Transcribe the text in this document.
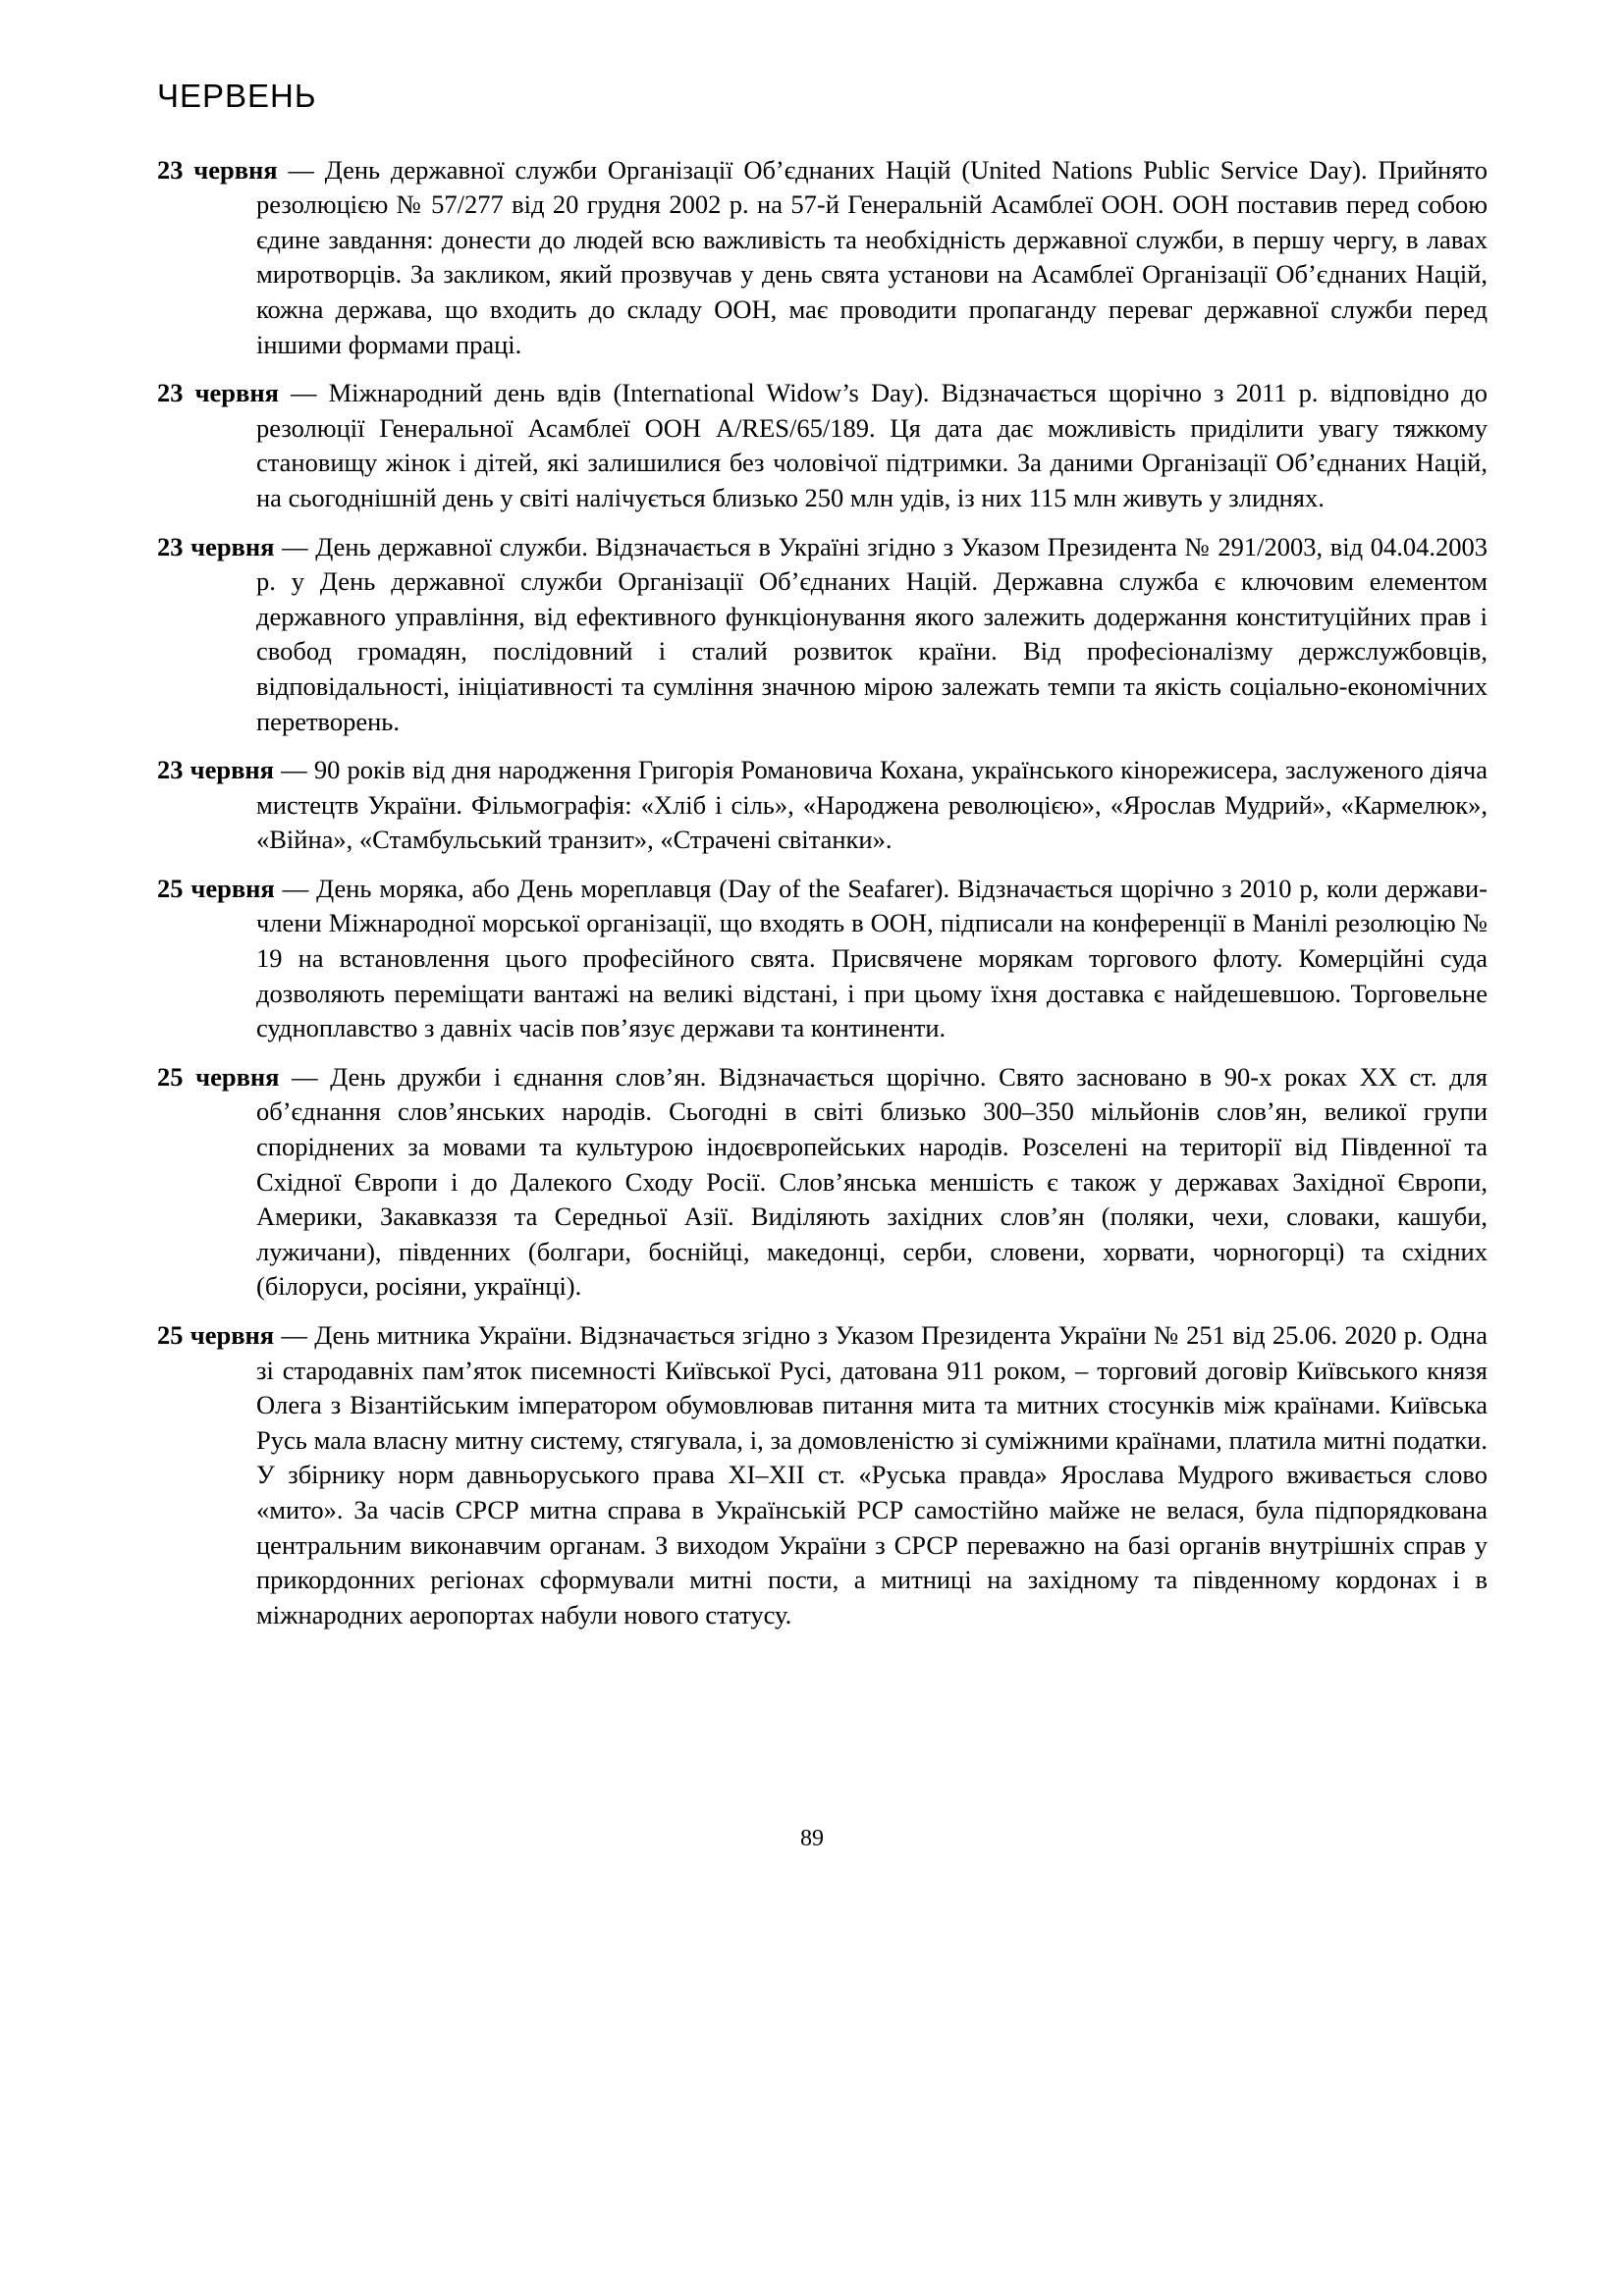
ЧЕРВЕНЬ

23 червня — День державної служби Організації Об’єднаних Націй (United Nations Public Service Day). Прийнято резолюцією № 57/277 від 20 грудня 2002 р. на 57-й Генеральній Асамблеї ООН. ООН поставив перед собою єдине завдання: донести до людей всю важливість та необхідність державної служби, в першу чергу, в лавах миротворців. За закликом, який прозвучав у день свята установи на Асамблеї Організації Об’єднаних Націй, кожна держава, що входить до складу ООН, має проводити пропаганду переваг державної служби перед іншими формами праці.

23 червня — Міжнародний день вдів (International Widow’s Day). Відзначається щорічно з 2011 р. відповідно до резолюції Генеральної Асамблеї ООН A/RES/65/189. Ця дата дає можливість приділити увагу тяжкому становищу жінок і дітей, які залишилися без чоловічої підтримки. За даними Організації Об’єднаних Націй, на сьогоднішній день у світі налічується близько 250 млн удів, із них 115 млн живуть у злиднях.

23 червня — День державної служби. Відзначається в Україні згідно з Указом Президента № 291/2003, від 04.04.2003 р. у День державної служби Організації Об’єднаних Націй. Державна служба є ключовим елементом державного управління, від ефективного функціонування якого залежить додержання конституційних прав і свобод громадян, послідовний і сталий розвиток країни. Від професіоналізму держслужбовців, відповідальності, ініціативності та сумління значною мірою залежать темпи та якість соціально-економічних перетворень.

23 червня — 90 років від дня народження Григорія Романовича Кохана, українського кінорежисера, заслуженого діяча мистецтв України. Фільмографія: «Хліб і сіль», «Народжена революцією», «Ярослав Мудрий», «Кармелюк», «Війна», «Стамбульський транзит», «Страчені світанки».

25 червня — День моряка, або День мореплавця (Day of the Seafarer). Відзначається щорічно з 2010 р, коли держави-члени Міжнародної морської організації, що входять в ООН, підписали на конференції в Манілі резолюцію № 19 на встановлення цього професійного свята. Присвячене морякам торгового флоту. Комерційні суда дозволяють переміщати вантажі на великі відстані, і при цьому їхня доставка є найдешевшою. Торговельне судноплавство з давніх часів пов’язує держави та континенти.

25 червня — День дружби і єднання слов’ян. Відзначається щорічно. Свято засновано в 90-х роках ХХ ст. для об’єднання слов’янських народів. Сьогодні в світі близько 300–350 мільйонів слов’ян, великої групи споріднених за мовами та культурою індоєвропейських народів. Розселені на території від Південної та Східної Європи і до Далекого Сходу Росії. Слов’янська меншість є також у державах Західної Європи, Америки, Закавказзя та Середньої Азії. Виділяють західних слов’ян (поляки, чехи, словаки, кашуби, лужичани), південних (болгари, боснійці, македонці, серби, словени, хорвати, чорногорці) та східних (білоруси, росіяни, українці).

25 червня — День митника України. Відзначається згідно з Указом Президента України № 251 від 25.06. 2020 р. Одна зі стародавніх пам’яток писемності Київської Русі, датована 911 роком, – торговий договір Київського князя Олега з Візантійським імператором обумовлював питання мита та митних стосунків між країнами. Київська Русь мала власну митну систему, стягувала, і, за домовленістю зі суміжними країнами, платила митні податки. У збірнику норм давньоруського права XI–XII ст. «Руська правда» Ярослава Мудрого вживається слово «мито». За часів СРСР митна справа в Українській РСР самостійно майже не велася, була підпорядкована центральним виконавчим органам. З виходом України з СРСР переважно на базі органів внутрішніх справ у прикордонних регіонах сформували митні пости, а митниці на західному та південному кордонах і в міжнародних аеропортах набули нового статусу.

89
